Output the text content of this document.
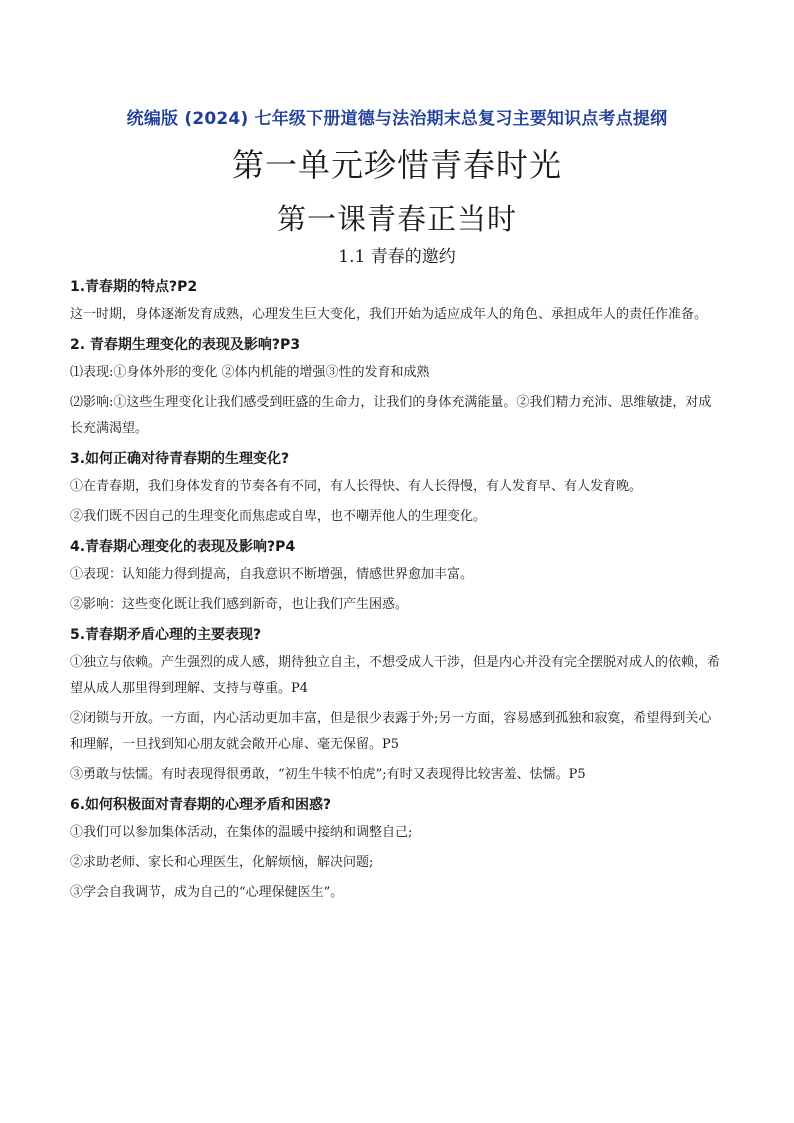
统编版 (2024) 七年级下册道德与法治期末总复习主要知识点考点提纲
第一单元珍惜青春时光
第一课青春正当时
1.1 青春的邀约
1.青春期的特点?P2
这一时期，身体逐渐发育成熟，心理发生巨大变化，我们开始为适应成年人的角色、承担成年人的责任作准备。
2. 青春期生理变化的表现及影响?P3
⑴表现:①身体外形的变化 ②体内机能的增强③性的发育和成熟
⑵影响:①这些生理变化让我们感受到旺盛的生命力，让我们的身体充满能量。②我们精力充沛、思维敏捷，对成长充满渴望。
3.如何正确对待青春期的生理变化?
①在青春期，我们身体发育的节奏各有不同，有人长得快、有人长得慢，有人发育早、有人发育晚。
②我们既不因自己的生理变化而焦虑或自卑，也不嘲弄他人的生理变化。
4.青春期心理变化的表现及影响?P4
①表现：认知能力得到提高，自我意识不断增强，情感世界愈加丰富。
②影响：这些变化既让我们感到新奇，也让我们产生困惑。
5.青春期矛盾心理的主要表现?
①独立与依赖。产生强烈的成人感，期待独立自主，不想受成人干涉，但是内心并没有完全摆脱对成人的依赖，希望从成人那里得到理解、支持与尊重。P4
②闭锁与开放。一方面，内心活动更加丰富，但是很少表露于外;另一方面，容易感到孤独和寂寞，希望得到关心和理解，一旦找到知心朋友就会敞开心扉、毫无保留。P5
③勇敢与怯懦。有时表现得很勇敢，“初生牛犊不怕虎”;有时又表现得比较害羞、怯懦。P5
6.如何积极面对青春期的心理矛盾和困惑?
①我们可以参加集体活动，在集体的温暖中接纳和调整自己;
②求助老师、家长和心理医生，化解烦恼，解决问题;
③学会自我调节，成为自己的“心理保健医生”。
